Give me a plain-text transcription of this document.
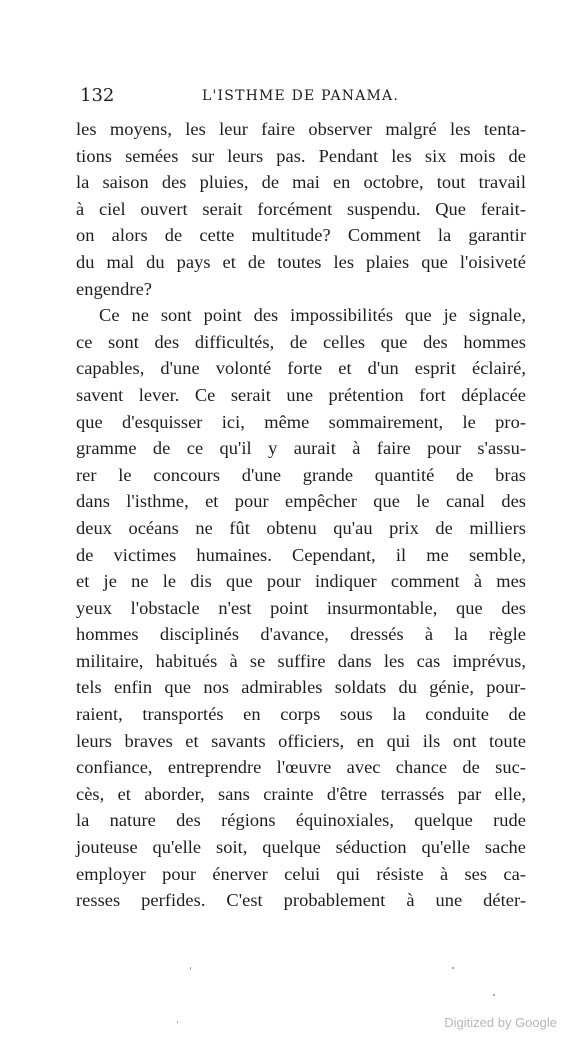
132	L'ISTHME DE PANAMA.
les moyens, les leur faire observer malgré les tenta-
tions semées sur leurs pas. Pendant les six mois de
la saison des pluies, de mai en octobre, tout travail
à ciel ouvert serait forcément suspendu. Que ferait-
on alors de cette multitude? Comment la garantir
du mal du pays et de toutes les plaies que l'oisiveté
engendre?
Ce ne sont point des impossibilités que je signale,
ce sont des difficultés, de celles que des hommes
capables, d'une volonté forte et d'un esprit éclairé,
savent lever. Ce serait une prétention fort déplacée
que d'esquisser ici, même sommairement, le pro-
gramme de ce qu'il y aurait à faire pour s'assu-
rer le concours d'une grande quantité de bras
dans l'isthme, et pour empêcher que le canal des
deux océans ne fût obtenu qu'au prix de milliers
de victimes humaines. Cependant, il me semble,
et je ne le dis que pour indiquer comment à mes
yeux l'obstacle n'est point insurmontable, que des
hommes disciplinés d'avance, dressés à la règle
militaire, habitués à se suffire dans les cas imprévus,
tels enfin que nos admirables soldats du génie, pour-
raient, transportés en corps sous la conduite de
leurs braves et savants officiers, en qui ils ont toute
confiance, entreprendre l'œuvre avec chance de suc-
cès, et aborder, sans crainte d'être terrassés par elle,
la nature des régions équinoxiales, quelque rude
jouteuse qu'elle soit, quelque séduction qu'elle sache
employer pour énerver celui qui résiste à ses ca-
resses perfides. C'est probablement à une déter-
Digitized by Google
